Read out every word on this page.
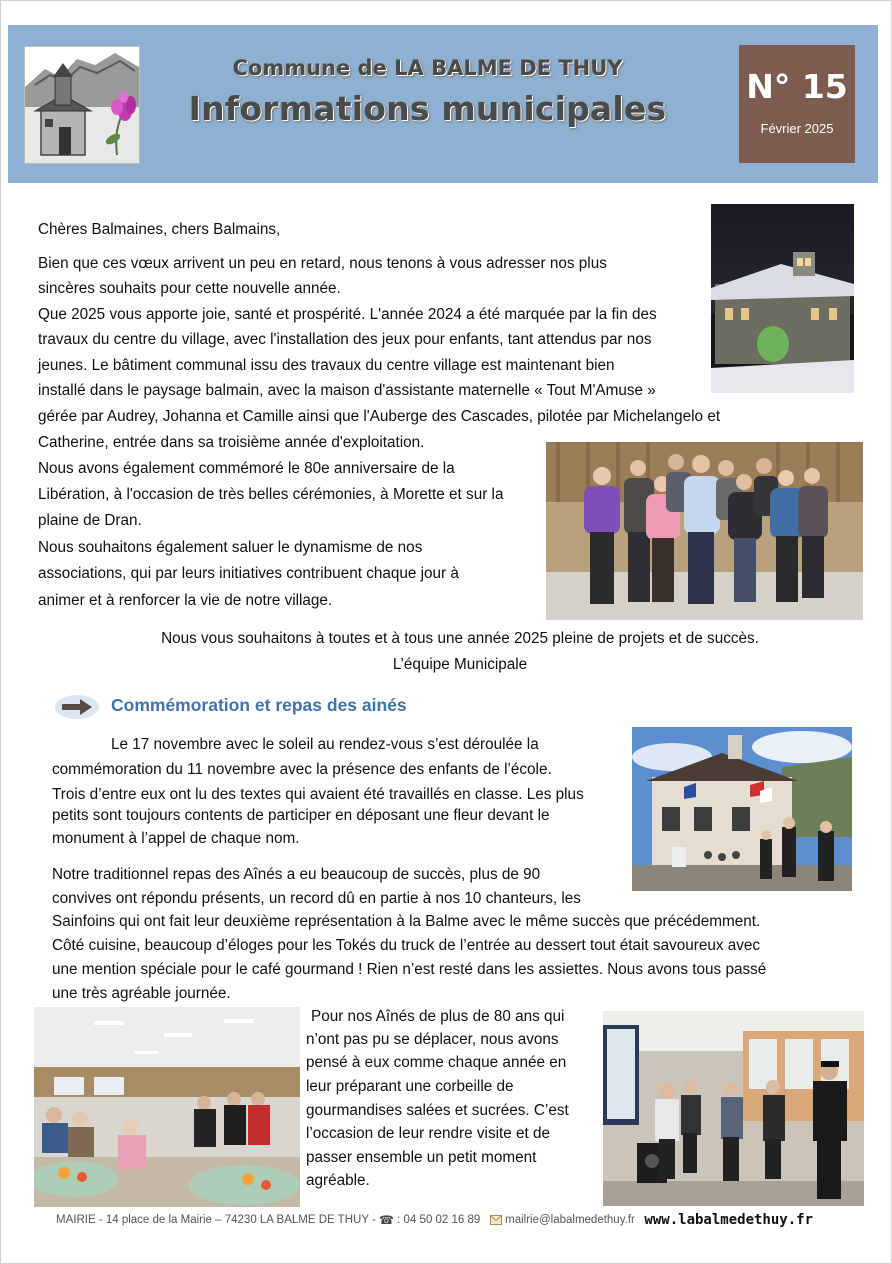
Commune de LA BALME DE THUY
Informations municipales
N° 15
Février 2025
Chères Balmaines, chers Balmains,
Bien que ces vœux arrivent un peu en retard, nous tenons à vous adresser nos plus
sincères souhaits pour cette nouvelle année.
Que 2025 vous apporte joie, santé et prospérité. L'année 2024 a été marquée par la fin des
travaux du centre du village, avec l'installation des jeux pour enfants, tant attendus par nos
jeunes. Le bâtiment communal issu des travaux du centre village est maintenant bien
installé dans le paysage balmain, avec la maison d'assistante maternelle « Tout M'Amuse »
gérée par Audrey, Johanna et Camille ainsi que l'Auberge des Cascades, pilotée par Michelangelo et
Catherine, entrée dans sa troisième année d'exploitation.
Nous avons également commémoré le 80e anniversaire de la
Libération, à l'occasion de très belles cérémonies, à Morette et sur la
plaine de Dran.
Nous souhaitons également saluer le dynamisme de nos
associations, qui par leurs initiatives contribuent chaque jour à
animer et à renforcer la vie de notre village.
Nous vous souhaitons à toutes et à tous une année 2025 pleine de projets et de succès.
L’équipe Municipale
Commémoration et repas des ainés
Le 17 novembre avec le soleil au rendez-vous s’est déroulée la
commémoration du 11 novembre avec la présence des enfants de l’école.
Trois d’entre eux ont lu des textes qui avaient été travaillés en classe. Les plus
petits sont toujours contents de participer en déposant une fleur devant le
monument à l’appel de chaque nom.
Notre traditionnel repas des Aînés a eu beaucoup de succès, plus de 90
convives ont répondu présents, un record dû en partie à nos 10 chanteurs, les
Sainfoins qui ont fait leur deuxième représentation à la Balme avec le même succès que précédemment.
Côté cuisine, beaucoup d’éloges pour les Tokés du truck de l’entrée au dessert tout était savoureux avec
une mention spéciale pour le café gourmand ! Rien n’est resté dans les assiettes. Nous avons tous passé
une très agréable journée.
Pour nos Aînés de plus de 80 ans qui
n’ont pas pu se déplacer, nous avons
pensé à eux comme chaque année en
leur préparant une corbeille de
gourmandises salées et sucrées. C’est
l’occasion de leur rendre visite et de
passer ensemble un petit moment
agréable.
MAIRIE - 14 place de la Mairie – 74230 LA BALME DE THUY - ☎ : 04 50 02 16 89 mailrie@labalmedethuy.fr www.labalmedethuy.fr
